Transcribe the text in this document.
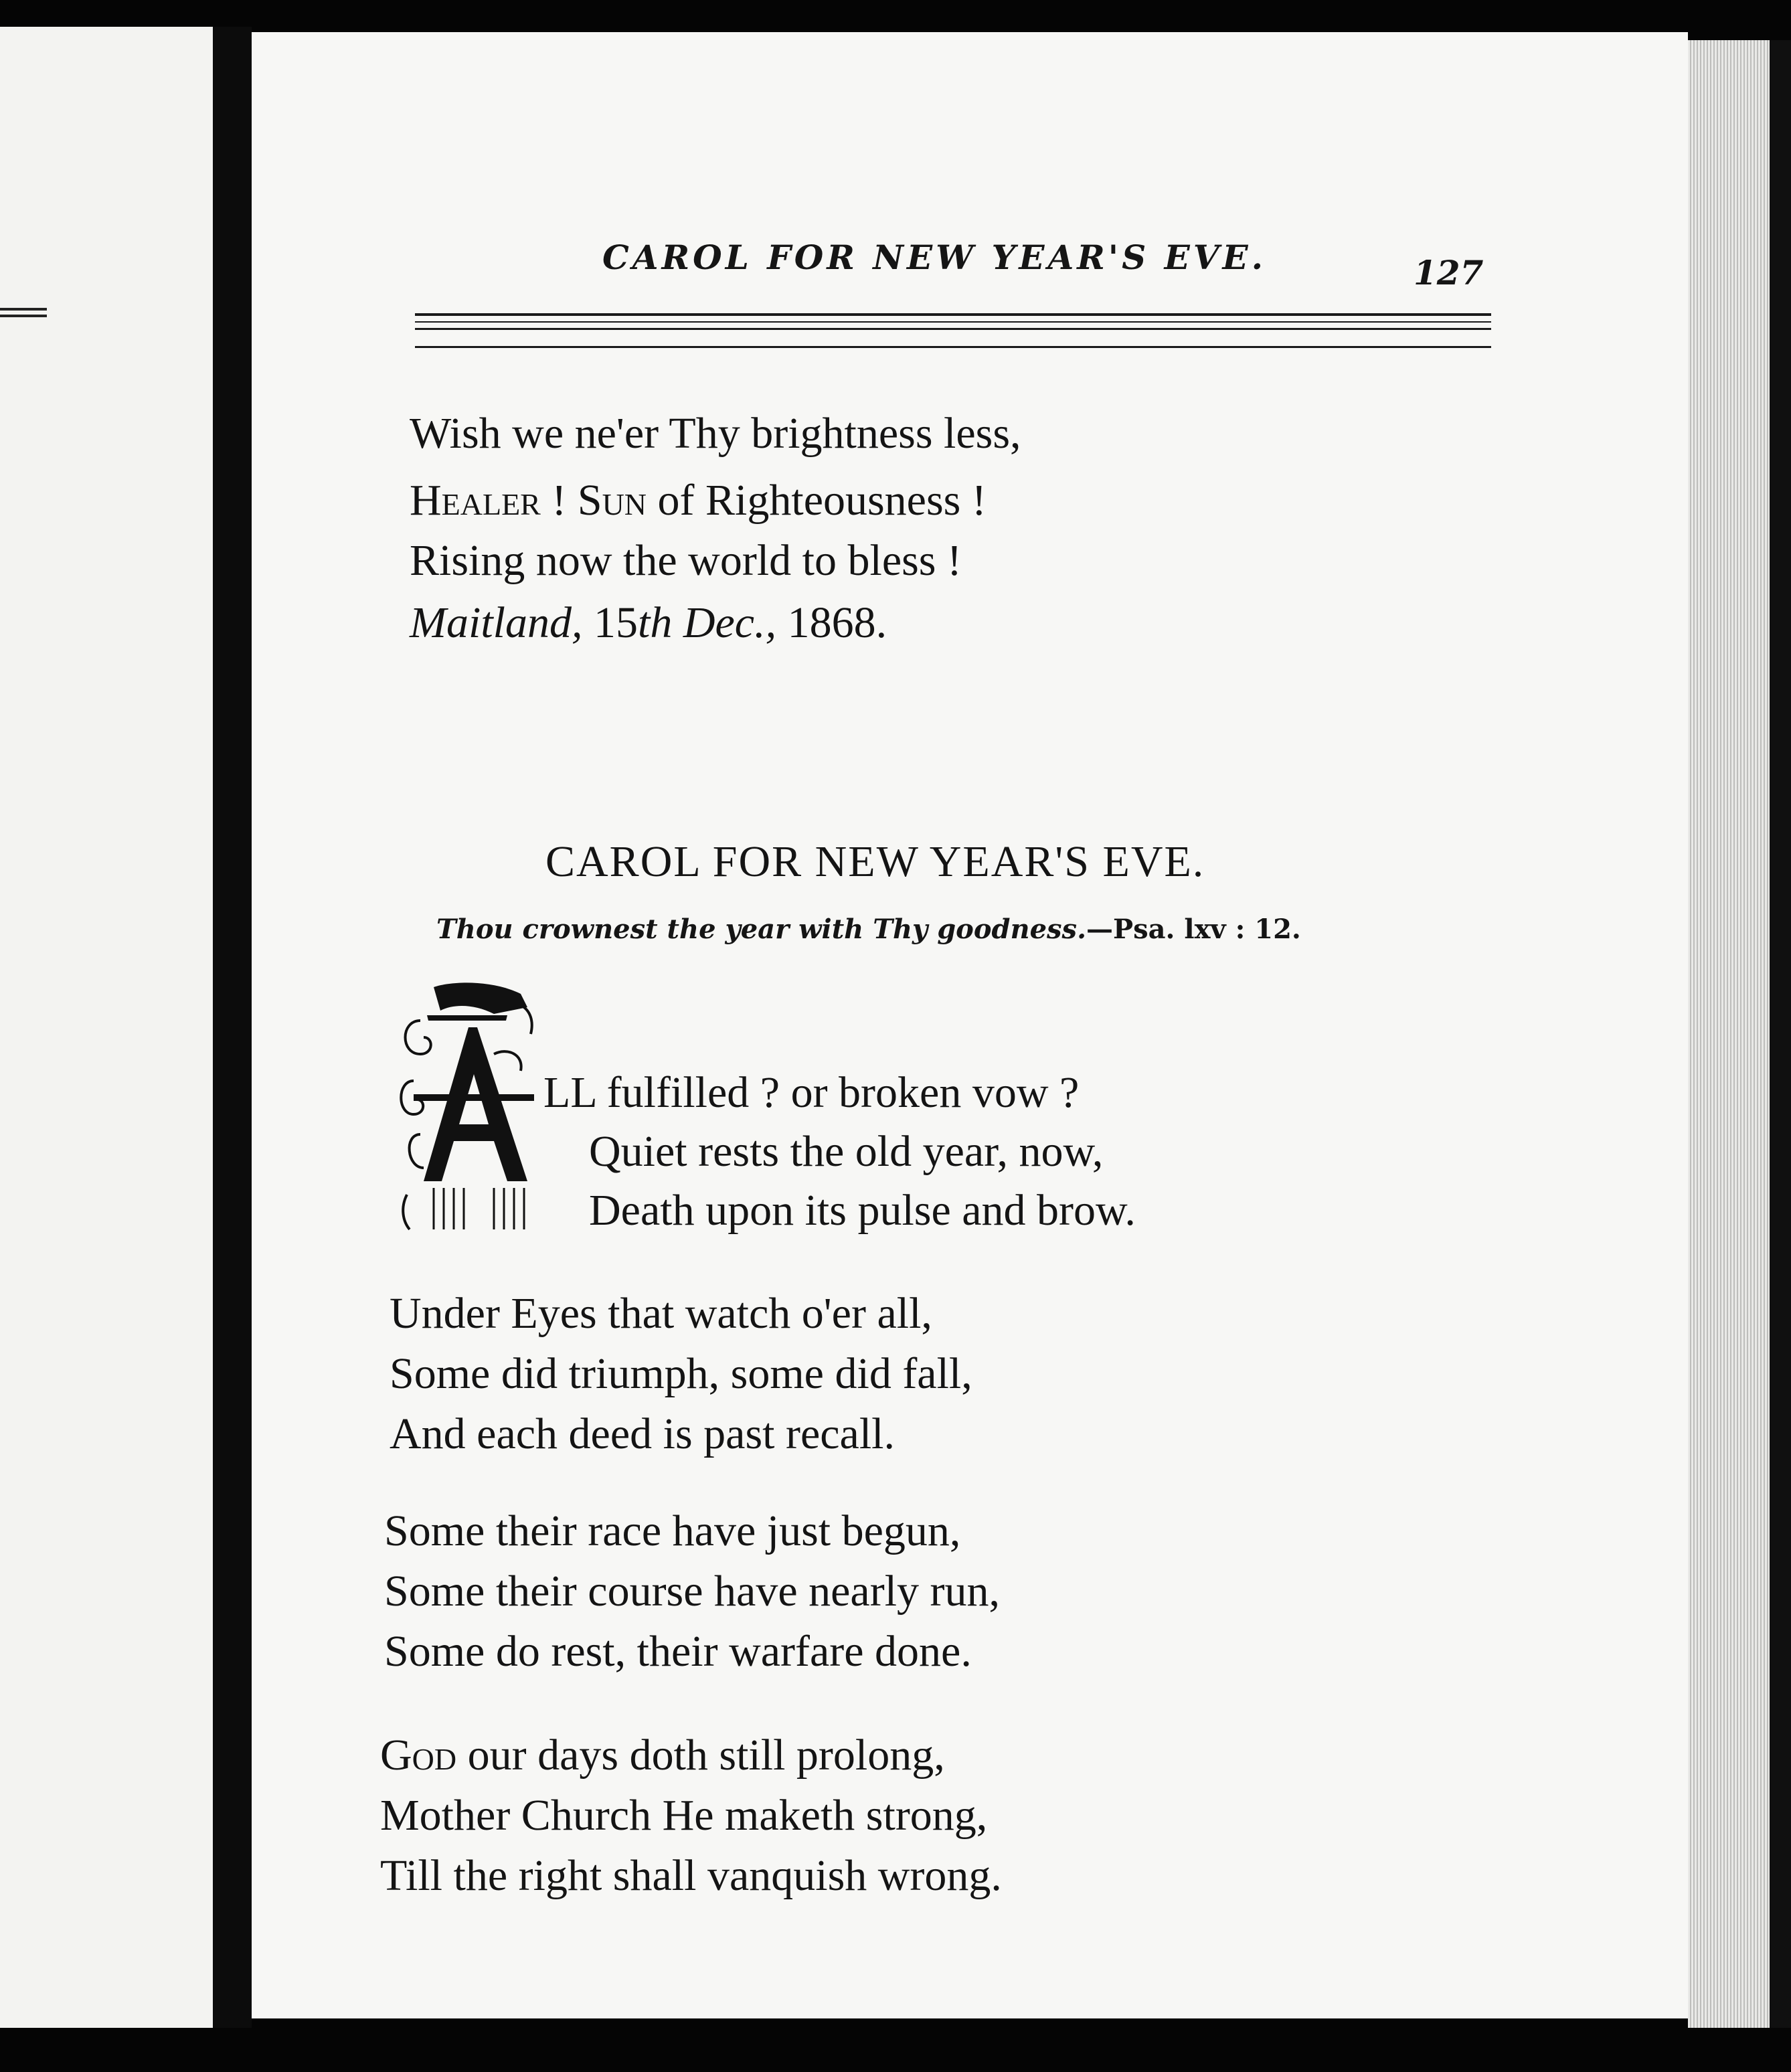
CAROL FOR NEW YEAR'S EVE.	127
Wish we ne'er Thy brightness less,
Healer ! Sun of Righteousness !
Rising now the world to bless !
Maitland, 15th Dec., 1868.
CAROL FOR NEW YEAR'S EVE.
Thou crownest the year with Thy goodness.—Psa. lxv : 12.
LL fulfilled ? or broken vow ?
Quiet rests the old year, now,
Death upon its pulse and brow.
Under Eyes that watch o'er all,
Some did triumph, some did fall,
And each deed is past recall.
Some their race have just begun,
Some their course have nearly run,
Some do rest, their warfare done.
God our days doth still prolong,
Mother Church He maketh strong,
Till the right shall vanquish wrong.
